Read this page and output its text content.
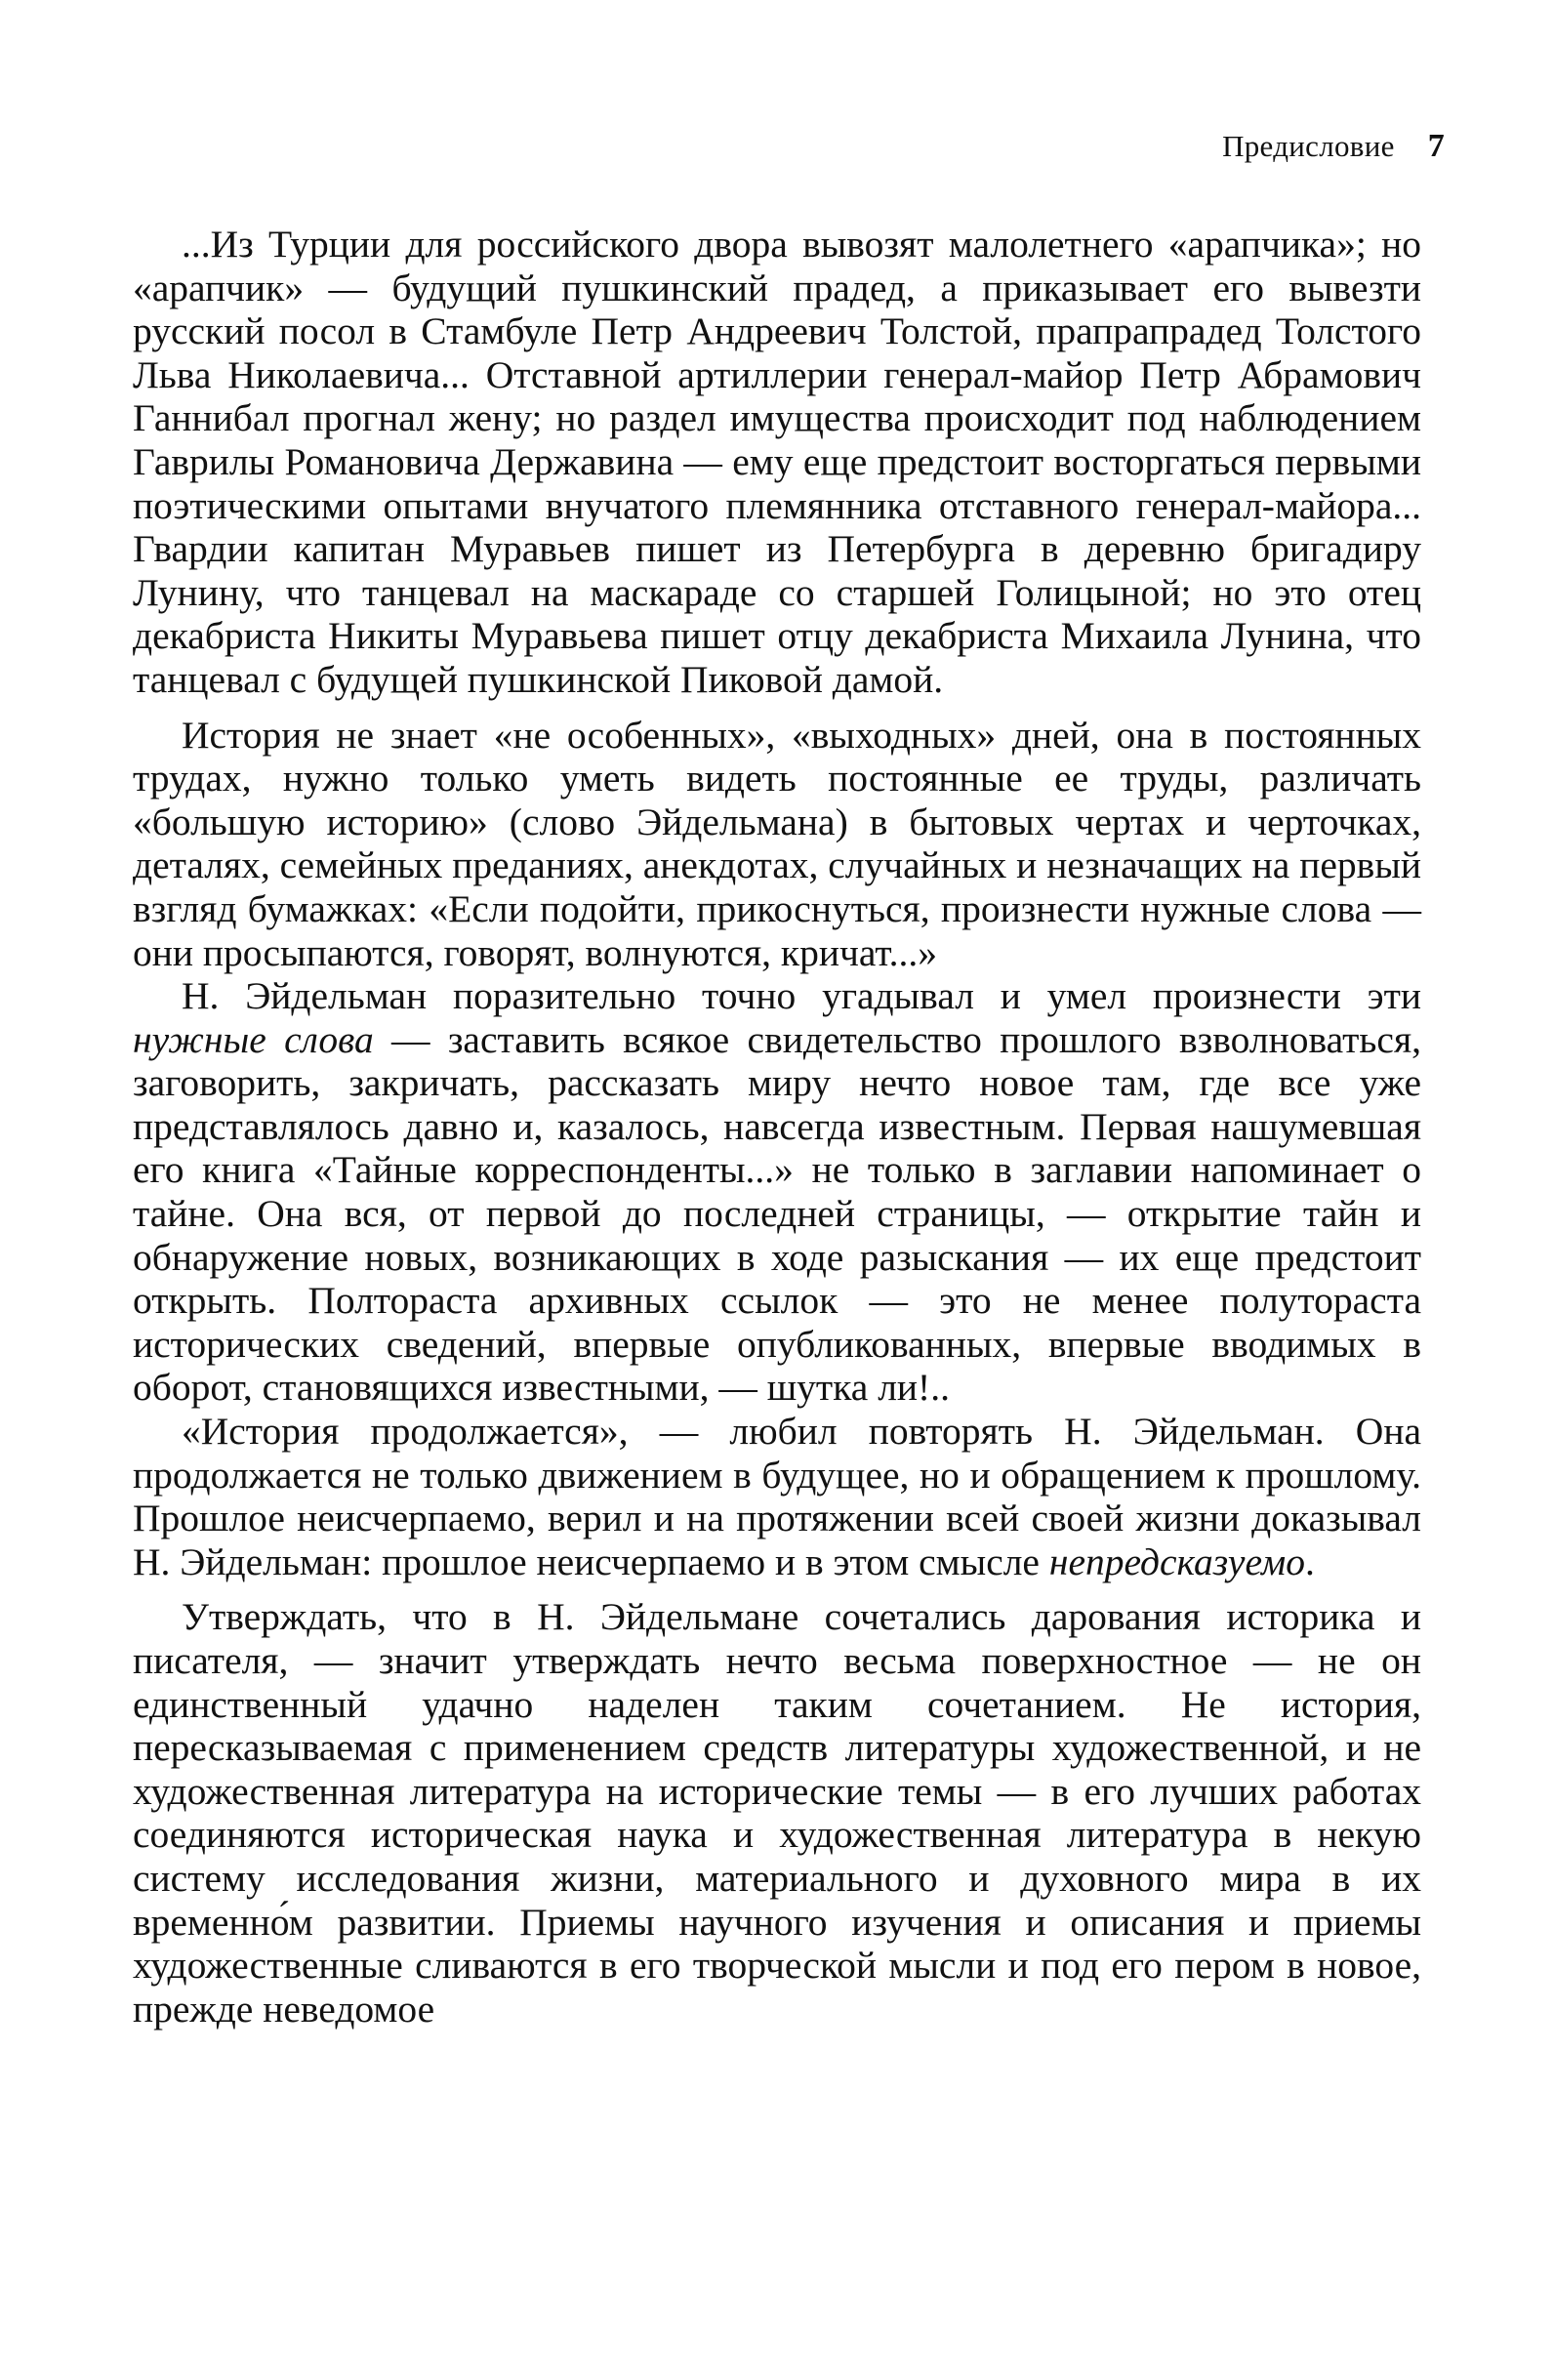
Предисловие 7

...Из Турции для российского двора вывозят малолетнего «арапчика»; но «арапчик» — будущий пушкинский прадед, а приказывает его вывезти русский посол в Стамбуле Петр Андреевич Толстой, прапрапрадед Толстого Льва Николаевича... Отставной артиллерии генерал-майор Петр Абрамович Ганнибал прогнал жену; но раздел имущества происходит под наблюдением Гаврилы Романовича Державина — ему еще предстоит восторгаться первыми поэтическими опытами внучатого племянника отставного генерал-майора... Гвардии капитан Муравьев пишет из Петербурга в деревню бригадиру Лунину, что танцевал на маскараде со старшей Голицыной; но это отец декабриста Никиты Муравьева пишет отцу декабриста Михаила Лунина, что танцевал с будущей пушкинской Пиковой дамой.

История не знает «не особенных», «выходных» дней, она в постоянных трудах, нужно только уметь видеть постоянные ее труды, различать «большую историю» (слово Эйдельмана) в бытовых чертах и черточках, деталях, семейных преданиях, анекдотах, случайных и незначащих на первый взгляд бумажках: «Если подойти, прикоснуться, произнести нужные слова — они просыпаются, говорят, волнуются, кричат...»

Н. Эйдельман поразительно точно угадывал и умел произнести эти нужные слова — заставить всякое свидетельство прошлого взволноваться, заговорить, закричать, рассказать миру нечто новое там, где все уже представлялось давно и, казалось, навсегда известным. Первая нашумевшая его книга «Тайные корреспонденты...» не только в заглавии напоминает о тайне. Она вся, от первой до последней страницы, — открытие тайн и обнаружение новых, возникающих в ходе разыскания — их еще предстоит открыть. Полтораста архивных ссылок — это не менее полутораста исторических сведений, впервые опубликованных, впервые вводимых в оборот, становящихся известными, — шутка ли!..

«История продолжается», — любил повторять Н. Эйдельман. Она продолжается не только движением в будущее, но и обращением к прошлому. Прошлое неисчерпаемо, верил и на протяжении всей своей жизни доказывал Н. Эйдельман: прошлое неисчерпаемо и в этом смысле непредсказуемо.

Утверждать, что в Н. Эйдельмане сочетались дарования историка и писателя, — значит утверждать нечто весьма поверхностное — не он единственный удачно наделен таким сочетанием. Не история, пересказываемая с применением средств литературы художественной, и не художественная литература на исторические темы — в его лучших работах соединяются историческая наука и художественная литература в некую систему исследования жизни, материального и духовного мира в их временно́м развитии. Приемы научного изучения и описания и приемы художественные сливаются в его творческой мысли и под его пером в новое, прежде неведомое
